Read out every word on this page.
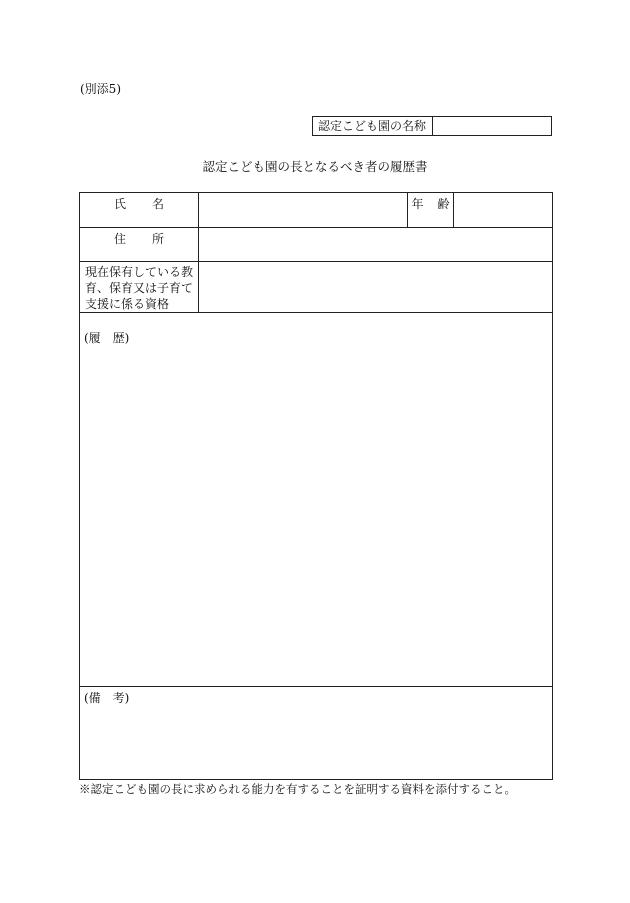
(別添5)
認定こども園の名称
認定こども園の長となるべき者の履歴書
氏 名	年 齢
住 所
現在保有している教
育、保育又は子育て
支援に係る資格
(履　歴)
(備　考)
※認定こども園の長に求められる能力を有することを証明する資料を添付すること。
